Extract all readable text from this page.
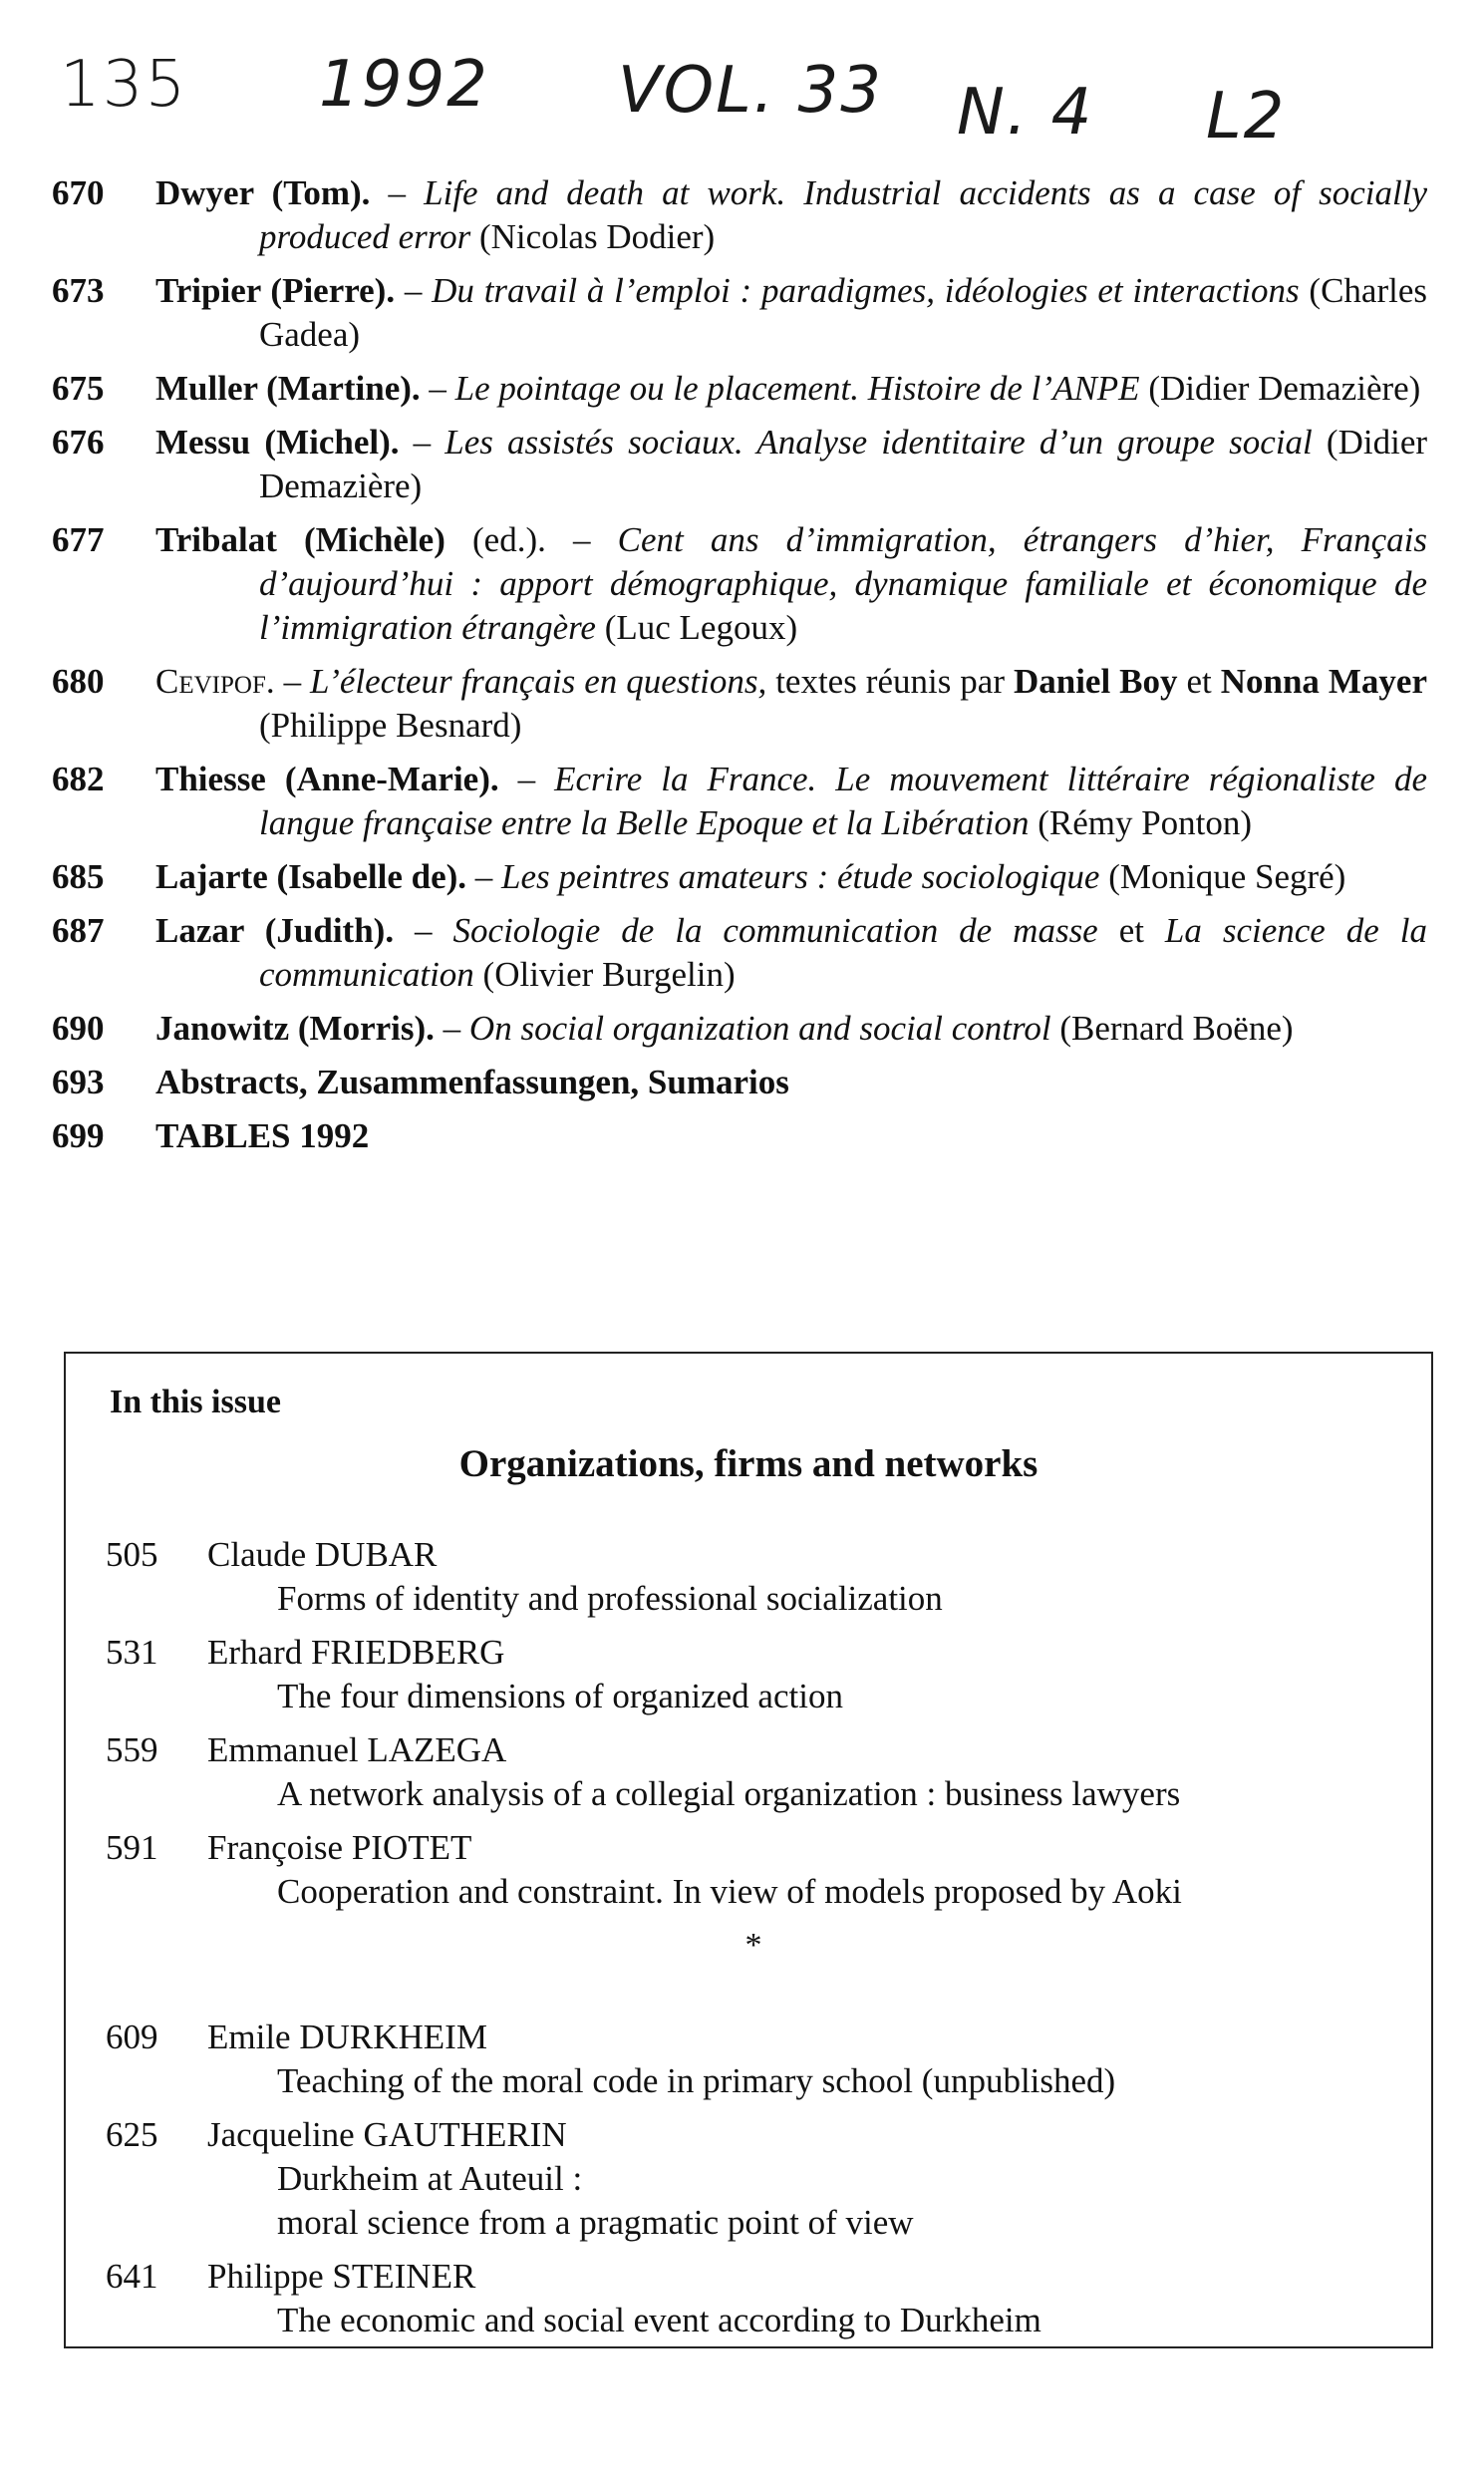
135 1992 VOL. 33 N. 4 L2
670	Dwyer (Tom). – Life and death at work. Industrial accidents as a case of socially produced error (Nicolas Dodier)
673	Tripier (Pierre). – Du travail à l’emploi : paradigmes, idéologies et interactions (Charles Gadea)
675	Muller (Martine). – Le pointage ou le placement. Histoire de l’ANPE (Didier Demazière)
676	Messu (Michel). – Les assistés sociaux. Analyse identitaire d’un groupe social (Didier Demazière)
677	Tribalat (Michèle) (ed.). – Cent ans d’immigration, étrangers d’hier, Français d’aujourd’hui : apport démographique, dynamique familiale et économique de l’immigration étrangère (Luc Legoux)
680	Cevipof. – L’électeur français en questions, textes réunis par Daniel Boy et Nonna Mayer (Philippe Besnard)
682	Thiesse (Anne-Marie). – Ecrire la France. Le mouvement littéraire régionaliste de langue française entre la Belle Epoque et la Libération (Rémy Ponton)
685	Lajarte (Isabelle de). – Les peintres amateurs : étude sociologique (Monique Segré)
687	Lazar (Judith). – Sociologie de la communication de masse et La science de la communication (Olivier Burgelin)
690	Janowitz (Morris). – On social organization and social control (Bernard Boëne)
693	Abstracts, Zusammenfassungen, Sumarios
699	TABLES 1992
In this issue
Organizations, firms and networks
505	Claude DUBAR
Forms of identity and professional socialization
531	Erhard FRIEDBERG
The four dimensions of organized action
559	Emmanuel LAZEGA
A network analysis of a collegial organization : business lawyers
591	Françoise PIOTET
Cooperation and constraint. In view of models proposed by Aoki
*
609	Emile DURKHEIM
Teaching of the moral code in primary school (unpublished)
625	Jacqueline GAUTHERIN
Durkheim at Auteuil :
moral science from a pragmatic point of view
641	Philippe STEINER
The economic and social event according to Durkheim
